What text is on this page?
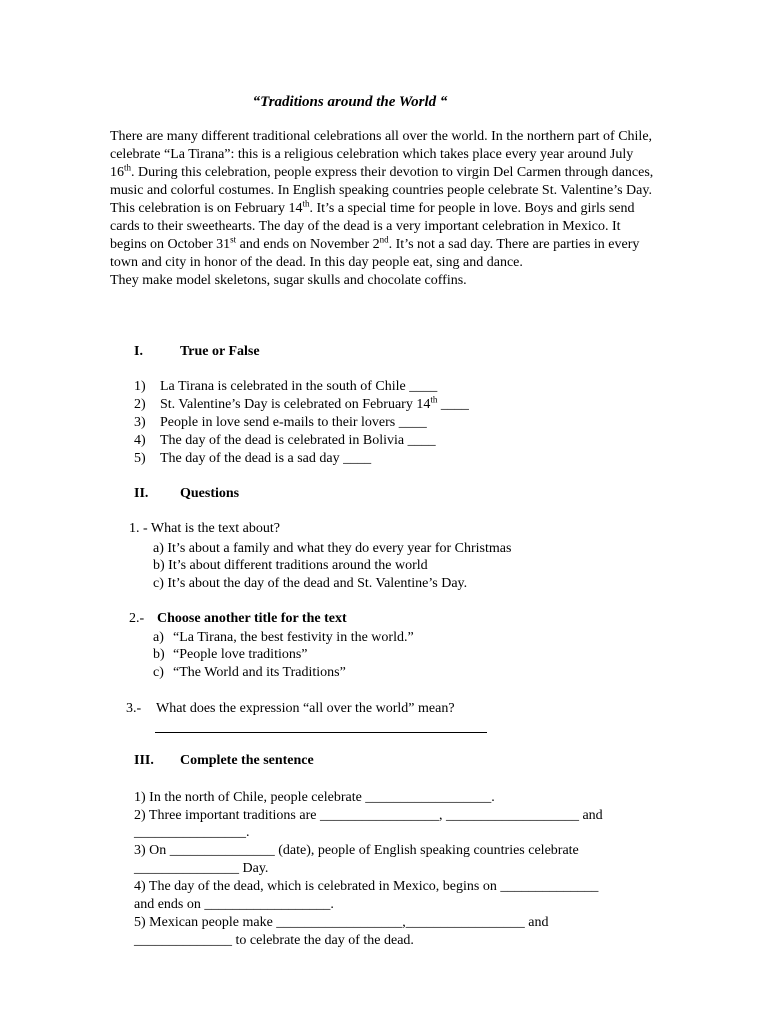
“Traditions around the World “

There are many different traditional celebrations all over the world. In the northern part of Chile, celebrate “La Tirana”: this is a religious celebration which takes place every year around July 16th. During this celebration, people express their devotion to virgin Del Carmen through dances, music and colorful costumes. In English speaking countries people celebrate St. Valentine’s Day. This celebration is on February 14th. It’s a special time for people in love. Boys and girls send cards to their sweethearts. The day of the dead is a very important celebration in Mexico. It begins on October 31st and ends on November 2nd. It’s not a sad day. There are parties in every town and city in honor of the dead. In this day people eat, sing and dance.

They make model skeletons, sugar skulls and chocolate coffins.

I.	True or False
1) La Tirana is celebrated in the south of Chile ____
2) St. Valentine’s Day is celebrated on February 14th ____
3) People in love send e-mails to their lovers ____
4) The day of the dead is celebrated in Bolivia ____
5) The day of the dead is a sad day ____
II. Questions
1. - What is the text about?
a) It’s about a family and what they do every year for Christmas
b) It’s about different traditions around the world
c) It’s about the day of the dead and St. Valentine’s Day.
2.- Choose another title for the text
a) “La Tirana, the best festivity in the world.”
b) “People love traditions”
c) “The World and its Traditions”
3.- What does the expression “all over the world” mean?
III. Complete the sentence
1) In the north of Chile, people celebrate __________________.
2) Three important traditions are _________________, ___________________ and
________________.
3) On _______________ (date), people of English speaking countries celebrate
_______________ Day.
4) The day of the dead, which is celebrated in Mexico, begins on ______________
and ends on __________________.
5) Mexican people make __________________,_________________ and
______________ to celebrate the day of the dead.
